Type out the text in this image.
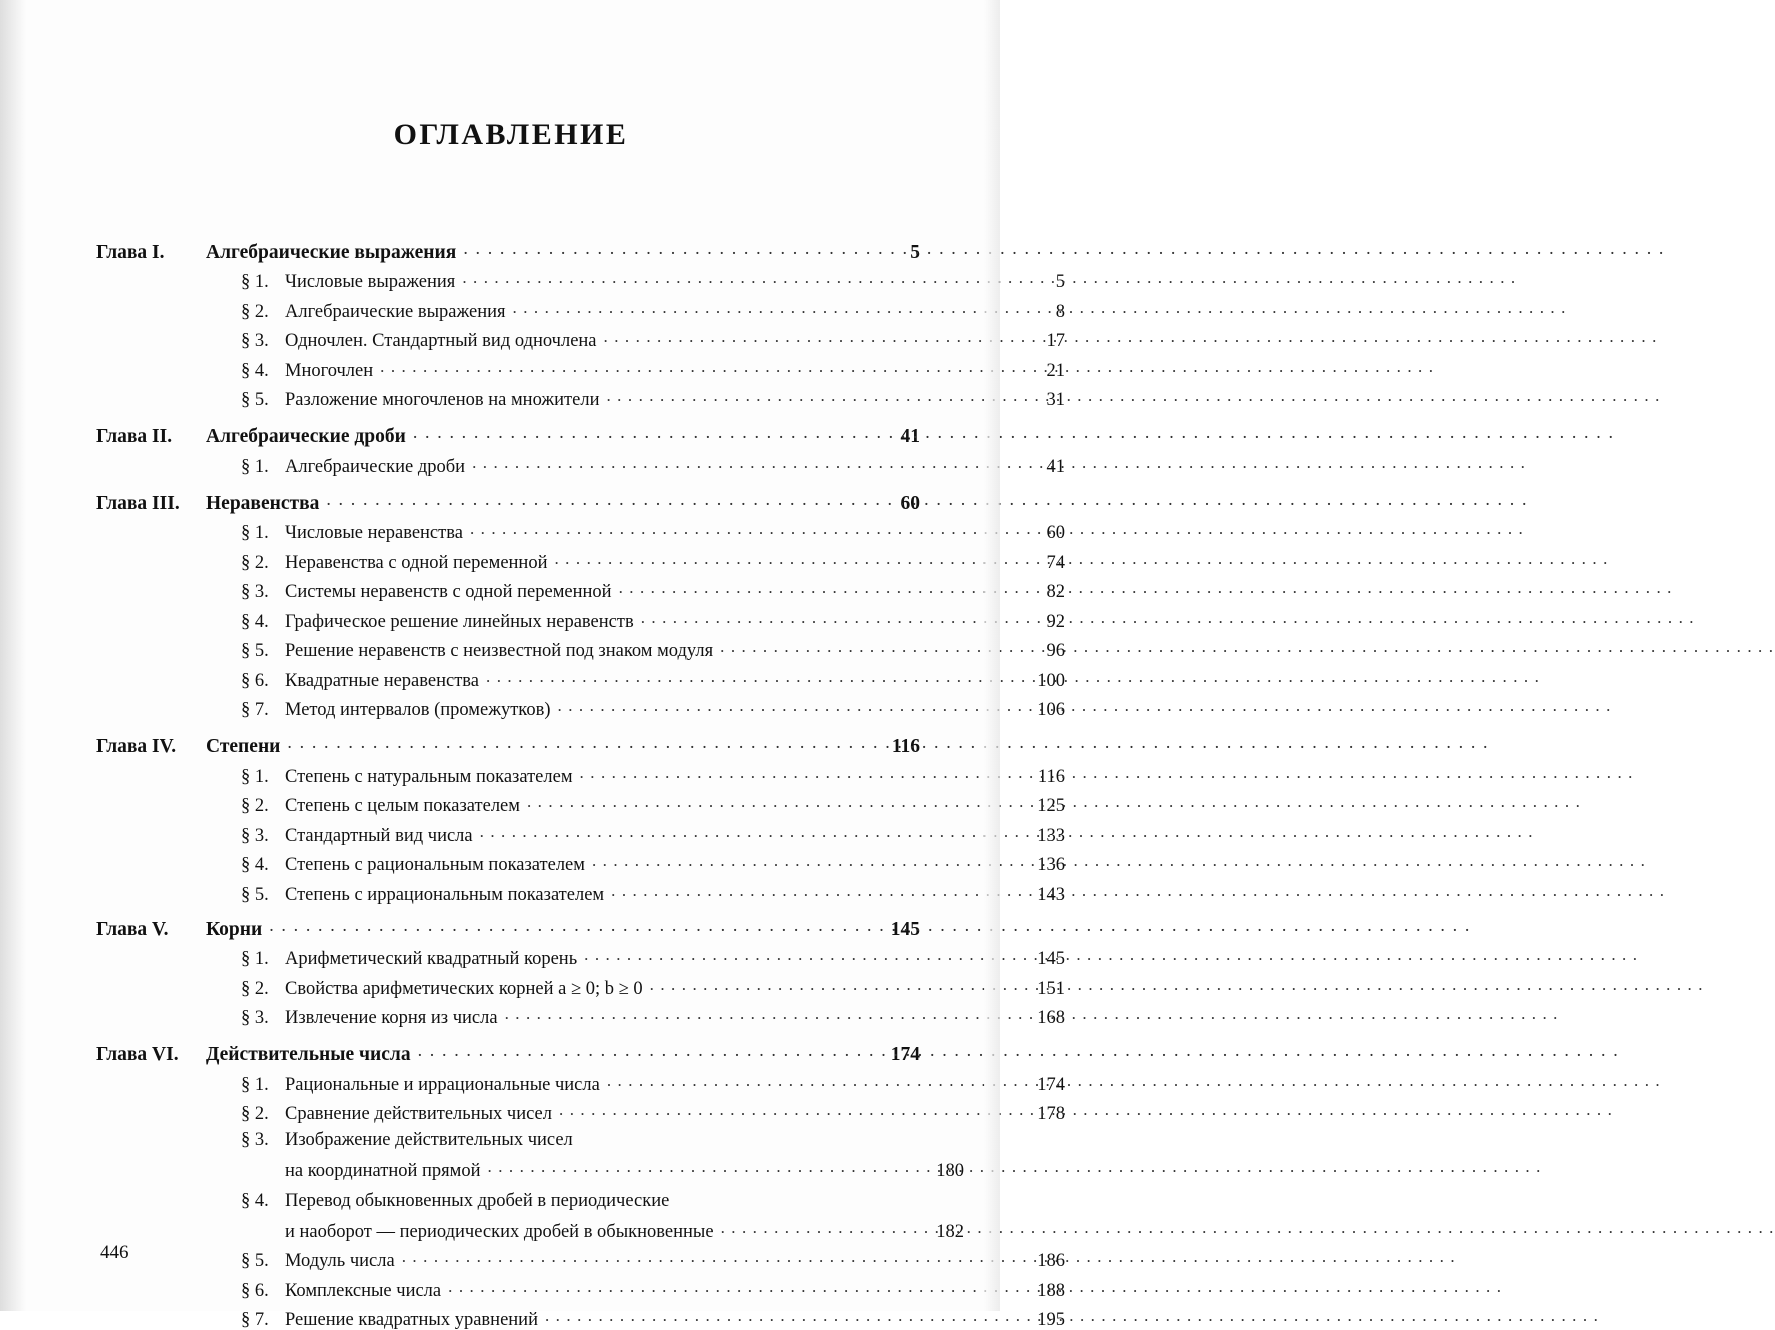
ОГЛАВЛЕНИЕ
Глава I. Алгебраические выражения . . .	5
§ 1. Числовые выражения . . .	5
§ 2. Алгебраические выражения . . .	8
§ 3. Одночлен. Стандартный вид одночлена . . .	17
§ 4. Многочлен . . .	21
§ 5. Разложение многочленов на множители . . .	31
Глава II. Алгебраические дроби . . .	41
§ 1. Алгебраические дроби . . .	41
Глава III. Неравенства . . .	60
§ 1. Числовые неравенства . . .	60
§ 2. Неравенства с одной переменной . . .	74
§ 3. Системы неравенств с одной переменной . . .	82
§ 4. Графическое решение линейных неравенств . . .	92
§ 5. Решение неравенств с неизвестной под знаком модуля . . .	96
§ 6. Квадратные неравенства . . .	100
§ 7. Метод интервалов (промежутков) . . .	106
Глава IV. Степени . . .	116
§ 1. Степень с натуральным показателем . . .	116
§ 2. Степень с целым показателем . . .	125
§ 3. Стандартный вид числа . . .	133
§ 4. Степень с рациональным показателем . . .	136
§ 5. Степень с иррациональным показателем . . .	143
Глава V. Корни . . .	145
§ 1. Арифметический квадратный корень . . .	145
§ 2. Свойства арифметических корней a ≥ 0; b ≥ 0 . . .	151
§ 3. Извлечение корня из числа . . .	168
Глава VI. Действительные числа . . .	174
§ 1. Рациональные и иррациональные числа . . .	174
§ 2. Сравнение действительных чисел . . .	178
§ 3. Изображение действительных чисел
на координатной прямой . . .	180
§ 4. Перевод обыкновенных дробей в периодические
и наоборот — периодических дробей в обыкновенные . . .	182
§ 5. Модуль числа . . .	186
§ 6. Комплексные числа . . .	188
§ 7. Решение квадратных уравнений . . .	195
446
